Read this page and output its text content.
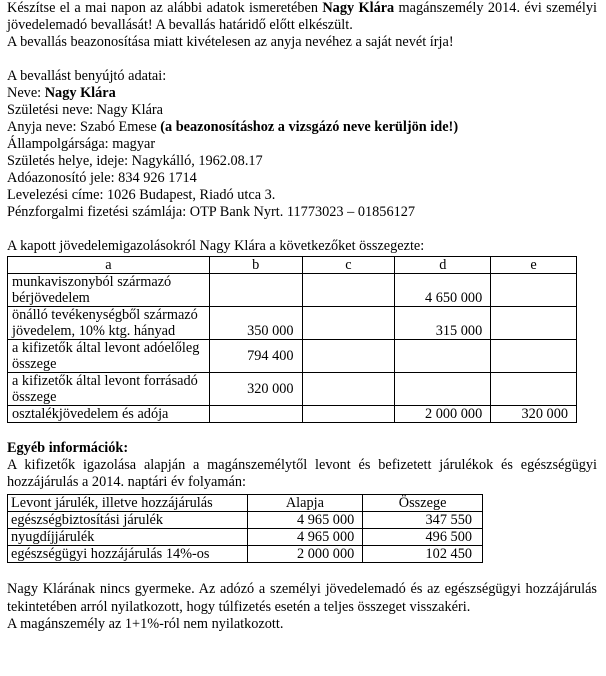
Készítse el a mai napon az alábbi adatok ismeretében Nagy Klára magánszemély 2014. évi személyi jövedelemadó bevallását! A bevallás határidő előtt elkészült.

A bevallás beazonosítása miatt kivételesen az anyja nevéhez a saját nevét írja!

A bevallást benyújtó adatai:

Neve: Nagy Klára

Születési neve: Nagy Klára

Anyja neve: Szabó Emese (a beazonosításhoz a vizsgázó neve kerüljön ide!)

Állampolgársága: magyar

Születés helye, ideje: Nagykálló, 1962.08.17

Adóazonosító jele: 834 926 1714

Levelezési címe: 1026 Budapest, Riadó utca 3.

Pénzforgalmi fizetési számlája: OTP Bank Nyrt. 11773023 – 01856127

A kapott jövedelemigazolásokról Nagy Klára a következőket összegezte:

a	b	c	d	e
munkaviszonyból származó bérjövedelem			4 650 000	
önálló tevékenységből származó jövedelem, 10% ktg. hányad	350 000		315 000	
a kifizetők által levont adóelőleg összege	794 400			
a kifizetők által levont forrásadó összege	320 000			
osztalékjövedelem és adója			2 000 000	320 000

Egyéb információk:

A kifizetők igazolása alapján a magánszemélytől levont és befizetett járulékok és egészségügyi hozzájárulás a 2014. naptári év folyamán:

Levont járulék, illetve hozzájárulás	Alapja	Összege
egészségbiztosítási járulék	4 965 000	347 550
nyugdíjjárulék	4 965 000	496 500
egészségügyi hozzájárulás 14%-os	2 000 000	102 450

Nagy Klárának nincs gyermeke. Az adózó a személyi jövedelemadó és az egészségügyi hozzájárulás tekintetében arról nyilatkozott, hogy túlfizetés esetén a teljes összeget visszakéri.

A magánszemély az 1+1%-ról nem nyilatkozott.
